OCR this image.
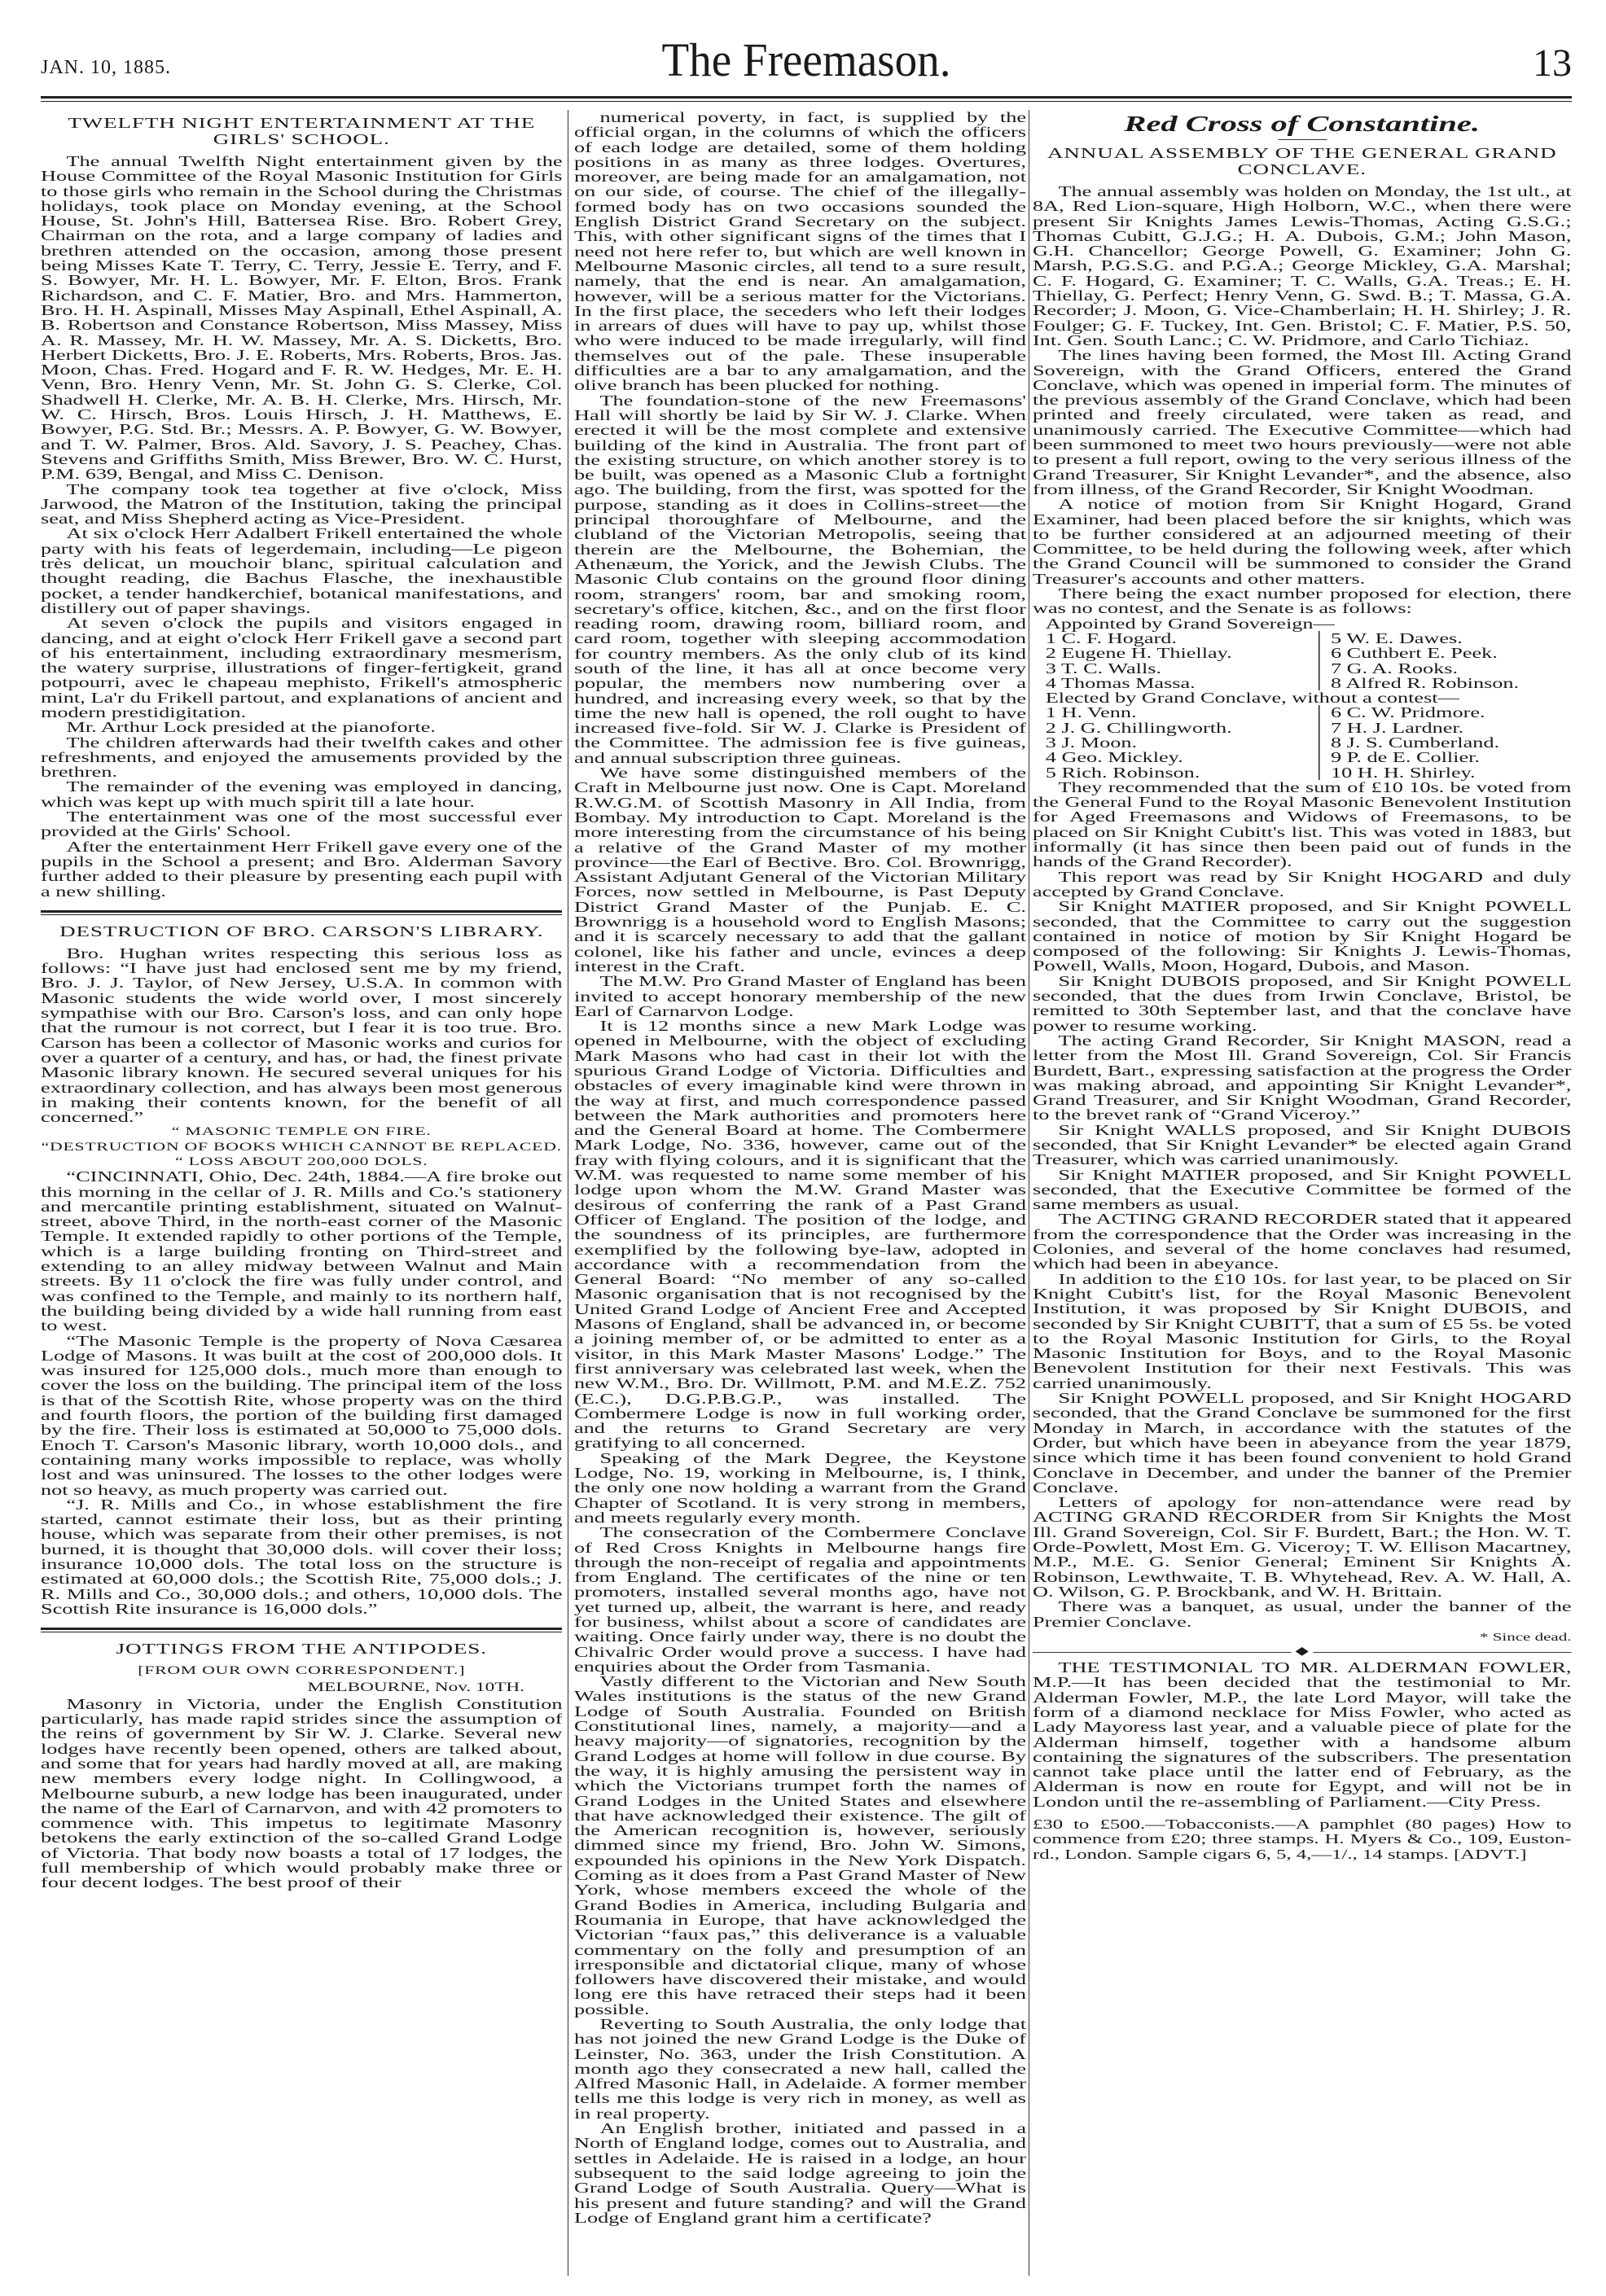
JAN. 10, 1885.	The Freemason.	13
TWELFTH NIGHT ENTERTAINMENT AT THE GIRLS' SCHOOL.
The annual Twelfth Night entertainment given by the House Committee of the Royal Masonic Institution for Girls to those girls who remain in the School during the Christmas holidays, took place on Monday evening, at the School House, St. John's Hill, Battersea Rise. Bro. Robert Grey, Chairman on the rota, and a large company of ladies and brethren attended on the occasion, among those present being Misses Kate T. Terry, C. Terry, Jessie E. Terry, and F. S. Bowyer, Mr. H. L. Bowyer, Mr. F. Elton, Bros. Frank Richardson, and C. F. Matier, Bro. and Mrs. Hammerton, Bro. H. H. Aspinall, Misses May Aspinall, Ethel Aspinall, A. B. Robertson and Constance Robertson, Miss Massey, Miss A. R. Massey, Mr. H. W. Massey, Mr. A. S. Dicketts, Bro. Herbert Dicketts, Bro. J. E. Roberts, Mrs. Roberts, Bros. Jas. Moon, Chas. Fred. Hogard and F. R. W. Hedges, Mr. E. H. Venn, Bro. Henry Venn, Mr. St. John G. S. Clerke, Col. Shadwell H. Clerke, Mr. A. B. H. Clerke, Mrs. Hirsch, Mr. W. C. Hirsch, Bros. Louis Hirsch, J. H. Matthews, E. Bowyer, P.G. Std. Br.; Messrs. A. P. Bowyer, G. W. Bowyer, and T. W. Palmer, Bros. Ald. Savory, J. S. Peachey, Chas. Stevens and Griffiths Smith, Miss Brewer, Bro. W. C. Hurst, P.M. 639, Bengal, and Miss C. Denison.
The company took tea together at five o'clock, Miss Jarwood, the Matron of the Institution, taking the principal seat, and Miss Shepherd acting as Vice-President.
At six o'clock Herr Adalbert Frikell entertained the whole party with his feats of legerdemain, including—Le pigeon très delicat, un mouchoir blanc, spiritual calculation and thought reading, die Bachus Flasche, the inexhaustible pocket, a tender handkerchief, botanical manifestations, and distillery out of paper shavings.
At seven o'clock the pupils and visitors engaged in dancing, and at eight o'clock Herr Frikell gave a second part of his entertainment, including extraordinary mesmerism, the watery surprise, illustrations of finger-fertigkeit, grand potpourri, avec le chapeau mephisto, Frikell's atmospheric mint, La'r du Frikell partout, and explanations of ancient and modern prestidigitation.
Mr. Arthur Lock presided at the pianoforte.
The children afterwards had their twelfth cakes and other refreshments, and enjoyed the amusements provided by the brethren.
The remainder of the evening was employed in dancing, which was kept up with much spirit till a late hour.
The entertainment was one of the most successful ever provided at the Girls' School.
After the entertainment Herr Frikell gave every one of the pupils in the School a present; and Bro. Alderman Savory further added to their pleasure by presenting each pupil with a new shilling.
DESTRUCTION OF BRO. CARSON'S LIBRARY.
Bro. Hughan writes respecting this serious loss as follows: “I have just had enclosed sent me by my friend, Bro. J. J. Taylor, of New Jersey, U.S.A. In common with Masonic students the wide world over, I most sincerely sympathise with our Bro. Carson's loss, and can only hope that the rumour is not correct, but I fear it is too true. Bro. Carson has been a collector of Masonic works and curios for over a quarter of a century, and has, or had, the finest private Masonic library known. He secured several uniques for his extraordinary collection, and has always been most generous in making their contents known, for the benefit of all concerned.”
“ MASONIC TEMPLE ON FIRE.
“DESTRUCTION OF BOOKS WHICH CANNOT BE REPLACED.
“ LOSS ABOUT 200,000 DOLS.
“CINCINNATI, Ohio, Dec. 24th, 1884.—A fire broke out this morning in the cellar of J. R. Mills and Co.'s stationery and mercantile printing establishment, situated on Walnut-street, above Third, in the north-east corner of the Masonic Temple. It extended rapidly to other portions of the Temple, which is a large building fronting on Third-street and extending to an alley midway between Walnut and Main streets. By 11 o'clock the fire was fully under control, and was confined to the Temple, and mainly to its northern half, the building being divided by a wide hall running from east to west.
“The Masonic Temple is the property of Nova Cæsarea Lodge of Masons. It was built at the cost of 200,000 dols. It was insured for 125,000 dols., much more than enough to cover the loss on the building. The principal item of the loss is that of the Scottish Rite, whose property was on the third and fourth floors, the portion of the building first damaged by the fire. Their loss is estimated at 50,000 to 75,000 dols. Enoch T. Carson's Masonic library, worth 10,000 dols., and containing many works impossible to replace, was wholly lost and was uninsured. The losses to the other lodges were not so heavy, as much property was carried out.
“J. R. Mills and Co., in whose establishment the fire started, cannot estimate their loss, but as their printing house, which was separate from their other premises, is not burned, it is thought that 30,000 dols. will cover their loss; insurance 10,000 dols. The total loss on the structure is estimated at 60,000 dols.; the Scottish Rite, 75,000 dols.; J. R. Mills and Co., 30,000 dols.; and others, 10,000 dols. The Scottish Rite insurance is 16,000 dols.”
JOTTINGS FROM THE ANTIPODES.
[FROM OUR OWN CORRESPONDENT.]
MELBOURNE, Nov. 10TH.
Masonry in Victoria, under the English Constitution particularly, has made rapid strides since the assumption of the reins of government by Sir W. J. Clarke. Several new lodges have recently been opened, others are talked about, and some that for years had hardly moved at all, are making new members every lodge night. In Collingwood, a Melbourne suburb, a new lodge has been inaugurated, under the name of the Earl of Carnarvon, and with 42 promoters to commence with. This impetus to legitimate Masonry betokens the early extinction of the so-called Grand Lodge of Victoria. That body now boasts a total of 17 lodges, the full membership of which would probably make three or four decent lodges. The best proof of their
numerical poverty, in fact, is supplied by the official organ, in the columns of which the officers of each lodge are detailed, some of them holding positions in as many as three lodges. Overtures, moreover, are being made for an amalgamation, not on our side, of course. The chief of the illegally-formed body has on two occasions sounded the English District Grand Secretary on the subject. This, with other significant signs of the times that I need not here refer to, but which are well known in Melbourne Masonic circles, all tend to a sure result, namely, that the end is near. An amalgamation, however, will be a serious matter for the Victorians. In the first place, the seceders who left their lodges in arrears of dues will have to pay up, whilst those who were induced to be made irregularly, will find themselves out of the pale. These insuperable difficulties are a bar to any amalgamation, and the olive branch has been plucked for nothing.
The foundation-stone of the new Freemasons' Hall will shortly be laid by Sir W. J. Clarke. When erected it will be the most complete and extensive building of the kind in Australia. The front part of the existing structure, on which another storey is to be built, was opened as a Masonic Club a fortnight ago. The building, from the first, was spotted for the purpose, standing as it does in Collins-street—the principal thoroughfare of Melbourne, and the clubland of the Victorian Metropolis, seeing that therein are the Melbourne, the Bohemian, the Athenæum, the Yorick, and the Jewish Clubs. The Masonic Club contains on the ground floor dining room, strangers' room, bar and smoking room, secretary's office, kitchen, &c., and on the first floor reading room, drawing room, billiard room, and card room, together with sleeping accommodation for country members. As the only club of its kind south of the line, it has all at once become very popular, the members now numbering over a hundred, and increasing every week, so that by the time the new hall is opened, the roll ought to have increased five-fold. Sir W. J. Clarke is President of the Committee. The admission fee is five guineas, and annual subscription three guineas.
We have some distinguished members of the Craft in Melbourne just now. One is Capt. Moreland R.W.G.M. of Scottish Masonry in All India, from Bombay. My introduction to Capt. Moreland is the more interesting from the circumstance of his being a relative of the Grand Master of my mother province—the Earl of Bective. Bro. Col. Brownrigg, Assistant Adjutant General of the Victorian Military Forces, now settled in Melbourne, is Past Deputy District Grand Master of the Punjab. E. C. Brownrigg is a household word to English Masons; and it is scarcely necessary to add that the gallant colonel, like his father and uncle, evinces a deep interest in the Craft.
The M.W. Pro Grand Master of England has been invited to accept honorary membership of the new Earl of Carnarvon Lodge.
It is 12 months since a new Mark Lodge was opened in Melbourne, with the object of excluding Mark Masons who had cast in their lot with the spurious Grand Lodge of Victoria. Difficulties and obstacles of every imaginable kind were thrown in the way at first, and much correspondence passed between the Mark authorities and promoters here and the General Board at home. The Combermere Mark Lodge, No. 336, however, came out of the fray with flying colours, and it is significant that the W.M. was requested to name some member of his lodge upon whom the M.W. Grand Master was desirous of conferring the rank of a Past Grand Officer of England. The position of the lodge, and the soundness of its principles, are furthermore exemplified by the following bye-law, adopted in accordance with a recommendation from the General Board: “No member of any so-called Masonic organisation that is not recognised by the United Grand Lodge of Ancient Free and Accepted Masons of England, shall be advanced in, or become a joining member of, or be admitted to enter as a visitor, in this Mark Master Masons' Lodge.” The first anniversary was celebrated last week, when the new W.M., Bro. Dr. Willmott, P.M. and M.E.Z. 752 (E.C.), D.G.P.B.G.P., was installed. The Combermere Lodge is now in full working order, and the returns to Grand Secretary are very gratifying to all concerned.
Speaking of the Mark Degree, the Keystone Lodge, No. 19, working in Melbourne, is, I think, the only one now holding a warrant from the Grand Chapter of Scotland. It is very strong in members, and meets regularly every month.
The consecration of the Combermere Conclave of Red Cross Knights in Melbourne hangs fire through the non-receipt of regalia and appointments from England. The certificates of the nine or ten promoters, installed several months ago, have not yet turned up, albeit, the warrant is here, and ready for business, whilst about a score of candidates are waiting. Once fairly under way, there is no doubt the Chivalric Order would prove a success. I have had enquiries about the Order from Tasmania.
Vastly different to the Victorian and New South Wales institutions is the status of the new Grand Lodge of South Australia. Founded on British Constitutional lines, namely, a majority—and a heavy majority—of signatories, recognition by the Grand Lodges at home will follow in due course. By the way, it is highly amusing the persistent way in which the Victorians trumpet forth the names of Grand Lodges in the United States and elsewhere that have acknowledged their existence. The gilt of the American recognition is, however, seriously dimmed since my friend, Bro. John W. Simons, expounded his opinions in the New York Dispatch. Coming as it does from a Past Grand Master of New York, whose members exceed the whole of the Grand Bodies in America, including Bulgaria and Roumania in Europe, that have acknowledged the Victorian “faux pas,” this deliverance is a valuable commentary on the folly and presumption of an irresponsible and dictatorial clique, many of whose followers have discovered their mistake, and would long ere this have retraced their steps had it been possible.
Reverting to South Australia, the only lodge that has not joined the new Grand Lodge is the Duke of Leinster, No. 363, under the Irish Constitution. A month ago they consecrated a new hall, called the Alfred Masonic Hall, in Adelaide. A former member tells me this lodge is very rich in money, as well as in real property.
An English brother, initiated and passed in a North of England lodge, comes out to Australia, and settles in Adelaide. He is raised in a lodge, an hour subsequent to the said lodge agreeing to join the Grand Lodge of South Australia. Query—What is his present and future standing? and will the Grand Lodge of England grant him a certificate?
Red Cross of Constantine.
ANNUAL ASSEMBLY OF THE GENERAL GRAND CONCLAVE.
The annual assembly was holden on Monday, the 1st ult., at 8A, Red Lion-square, High Holborn, W.C., when there were present Sir Knights James Lewis-Thomas, Acting G.S.G.; Thomas Cubitt, G.J.G.; H. A. Dubois, G.M.; John Mason, G.H. Chancellor; George Powell, G. Examiner; John G. Marsh, P.G.S.G. and P.G.A.; George Mickley, G.A. Marshal; C. F. Hogard, G. Examiner; T. C. Walls, G.A. Treas.; E. H. Thiellay, G. Perfect; Henry Venn, G. Swd. B.; T. Massa, G.A. Recorder; J. Moon, G. Vice-Chamberlain; H. H. Shirley; J. R. Foulger; G. F. Tuckey, Int. Gen. Bristol; C. F. Matier, P.S. 50, Int. Gen. South Lanc.; C. W. Pridmore, and Carlo Tichiaz.
The lines having been formed, the Most Ill. Acting Grand Sovereign, with the Grand Officers, entered the Grand Conclave, which was opened in imperial form. The minutes of the previous assembly of the Grand Conclave, which had been printed and freely circulated, were taken as read, and unanimously carried. The Executive Committee—which had been summoned to meet two hours previously—were not able to present a full report, owing to the very serious illness of the Grand Treasurer, Sir Knight Levander*, and the absence, also from illness, of the Grand Recorder, Sir Knight Woodman.
A notice of motion from Sir Knight Hogard, Grand Examiner, had been placed before the sir knights, which was to be further considered at an adjourned meeting of their Committee, to be held during the following week, after which the Grand Council will be summoned to consider the Grand Treasurer's accounts and other matters.
There being the exact number proposed for election, there was no contest, and the Senate is as follows:
Appointed by Grand Sovereign—
1 C. F. Hogard.	5 W. E. Dawes.
2 Eugene H. Thiellay.	6 Cuthbert E. Peek.
3 T. C. Walls.	7 G. A. Rooks.
4 Thomas Massa.	8 Alfred R. Robinson.
Elected by Grand Conclave, without a contest—
1 H. Venn.	6 C. W. Pridmore.
2 J. G. Chillingworth.	7 H. J. Lardner.
3 J. Moon.	8 J. S. Cumberland.
4 Geo. Mickley.	9 P. de E. Collier.
5 Rich. Robinson.	10 H. H. Shirley.
They recommended that the sum of £10 10s. be voted from the General Fund to the Royal Masonic Benevolent Institution for Aged Freemasons and Widows of Freemasons, to be placed on Sir Knight Cubitt's list. This was voted in 1883, but informally (it has since then been paid out of funds in the hands of the Grand Recorder).
This report was read by Sir Knight HOGARD and duly accepted by Grand Conclave.
Sir Knight MATIER proposed, and Sir Knight POWELL seconded, that the Committee to carry out the suggestion contained in notice of motion by Sir Knight Hogard be composed of the following: Sir Knights J. Lewis-Thomas, Powell, Walls, Moon, Hogard, Dubois, and Mason.
Sir Knight DUBOIS proposed, and Sir Knight POWELL seconded, that the dues from Irwin Conclave, Bristol, be remitted to 30th September last, and that the conclave have power to resume working.
The acting Grand Recorder, Sir Knight MASON, read a letter from the Most Ill. Grand Sovereign, Col. Sir Francis Burdett, Bart., expressing satisfaction at the progress the Order was making abroad, and appointing Sir Knight Levander*, Grand Treasurer, and Sir Knight Woodman, Grand Recorder, to the brevet rank of “Grand Viceroy.”
Sir Knight WALLS proposed, and Sir Knight DUBOIS seconded, that Sir Knight Levander* be elected again Grand Treasurer, which was carried unanimously.
Sir Knight MATIER proposed, and Sir Knight POWELL seconded, that the Executive Committee be formed of the same members as usual.
The ACTING GRAND RECORDER stated that it appeared from the correspondence that the Order was increasing in the Colonies, and several of the home conclaves had resumed, which had been in abeyance.
In addition to the £10 10s. for last year, to be placed on Sir Knight Cubitt's list, for the Royal Masonic Benevolent Institution, it was proposed by Sir Knight DUBOIS, and seconded by Sir Knight CUBITT, that a sum of £5 5s. be voted to the Royal Masonic Institution for Girls, to the Royal Masonic Institution for Boys, and to the Royal Masonic Benevolent Institution for their next Festivals. This was carried unanimously.
Sir Knight POWELL proposed, and Sir Knight HOGARD seconded, that the Grand Conclave be summoned for the first Monday in March, in accordance with the statutes of the Order, but which have been in abeyance from the year 1879, since which time it has been found convenient to hold Grand Conclave in December, and under the banner of the Premier Conclave.
Letters of apology for non-attendance were read by ACTING GRAND RECORDER from Sir Knights the Most Ill. Grand Sovereign, Col. Sir F. Burdett, Bart.; the Hon. W. T. Orde-Powlett, Most Em. G. Viceroy; T. W. Ellison Macartney, M.P., M.E. G. Senior General; Eminent Sir Knights A. Robinson, Lewthwaite, T. B. Whytehead, Rev. A. W. Hall, A. O. Wilson, G. P. Brockbank, and W. H. Brittain.
There was a banquet, as usual, under the banner of the Premier Conclave.
* Since dead.
◆
THE TESTIMONIAL TO MR. ALDERMAN FOWLER, M.P.—It has been decided that the testimonial to Mr. Alderman Fowler, M.P., the late Lord Mayor, will take the form of a diamond necklace for Miss Fowler, who acted as Lady Mayoress last year, and a valuable piece of plate for the Alderman himself, together with a handsome album containing the signatures of the subscribers. The presentation cannot take place until the latter end of February, as the Alderman is now en route for Egypt, and will not be in London until the re-assembling of Parliament.—City Press.
£30 to £500.—Tobacconists.—A pamphlet (80 pages) How to commence from £20; three stamps. H. Myers & Co., 109, Euston-rd., London. Sample cigars 6, 5, 4,—1/., 14 stamps. [ADVT.]
